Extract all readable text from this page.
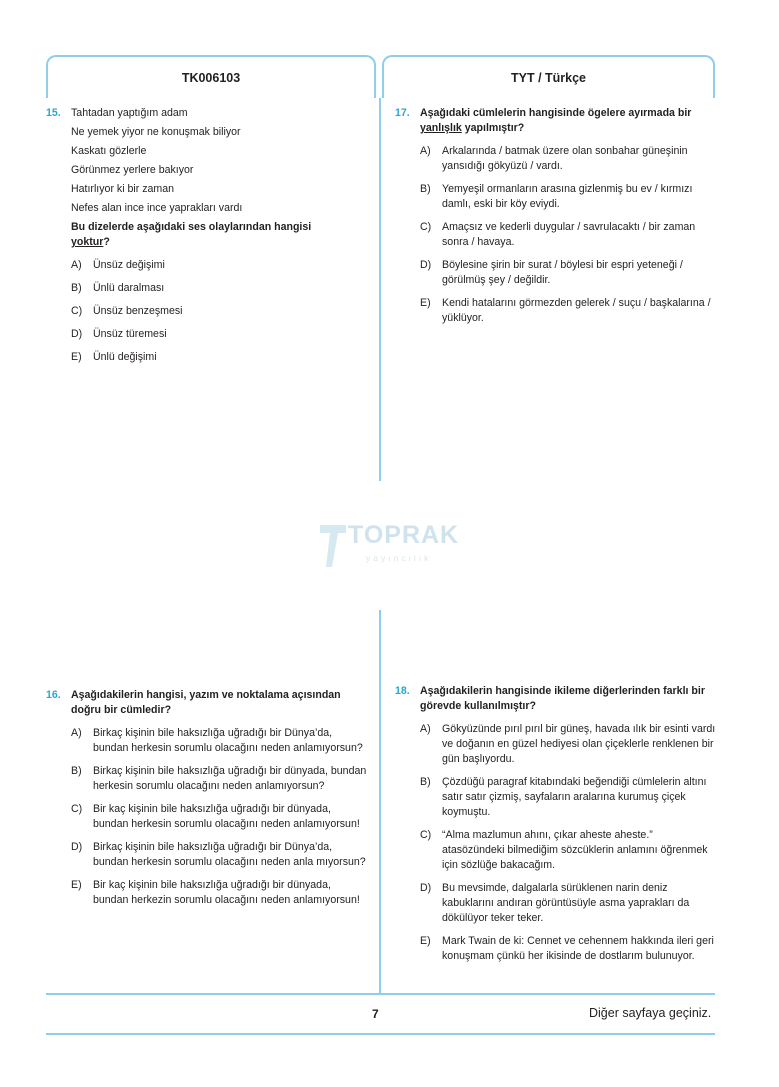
TK006103	TYT / Türkçe
TOPRAK
yayıncılık
15. Tahtadan yaptığım adam
Ne yemek yiyor ne konuşmak biliyor
Kaskatı gözlerle
Görünmez yerlere bakıyor
Hatırlıyor ki bir zaman
Nefes alan ince ince yaprakları vardı
Bu dizelerde aşağıdaki ses olaylarından hangisi
yoktur?
A) Ünsüz değişimi
B) Ünlü daralması
C) Ünsüz benzeşmesi
D) Ünsüz türemesi
E) Ünlü değişimi
17. Aşağıdaki cümlelerin hangisinde ögelere ayırmada bir
yanlışlık yapılmıştır?
A) Arkalarında / batmak üzere olan sonbahar güneşinin yansıdığı gökyüzü / vardı.
B) Yemyeşil ormanların arasına gizlenmiş bu ev / kırmızı damlı, eski bir köy eviydi.
C) Amaçsız ve kederli duygular / savrulacaktı / bir zaman sonra / havaya.
D) Böylesine şirin bir surat / böylesi bir espri yeteneği / görülmüş şey / değildir.
E) Kendi hatalarını görmezden gelerek / suçu / başkalarına / yüklüyor.
16. Aşağıdakilerin hangisi, yazım ve noktalama açısından doğru bir cümledir?
A) Birkaç kişinin bile haksızlığa uğradığı bir Dünya’da, bundan herkesin sorumlu olacağını neden anlamıyorsun?
B) Birkaç kişinin bile haksızlığa uğradığı bir dünyada, bundan herkesin sorumlu olacağını neden anlamıyorsun?
C) Bir kaç kişinin bile haksızlığa uğradığı bir dünyada, bundan herkesin sorumlu olacağını neden anlamıyorsun!
D) Birkaç kişinin bile haksızlığa uğradığı bir Dünya’da, bundan herkesin sorumlu olacağını neden anla mıyorsun?
E) Bir kaç kişinin bile haksızlığa uğradığı bir dünyada, bundan herkezin sorumlu olacağını neden anlamıyorsun!
18. Aşağıdakilerin hangisinde ikileme diğerlerinden farklı bir görevde kullanılmıştır?
A) Gökyüzünde pırıl pırıl bir güneş, havada ılık bir esinti vardı ve doğanın en güzel hediyesi olan çiçeklerle renklenen bir gün başlıyordu.
B) Çözdüğü paragraf kitabındaki beğendiği cümlelerin altını satır satır çizmiş, sayfaların aralarına kurumuş çiçek koymuştu.
C) “Alma mazlumun ahını, çıkar aheste aheste.” atasözündeki bilmediğim sözcüklerin anlamını öğrenmek için sözlüğe bakacağım.
D) Bu mevsimde, dalgalarla sürüklenen narin deniz kabuklarını andıran görüntüsüyle asma yaprakları da dökülüyor teker teker.
E) Mark Twain de ki: Cennet ve cehennem hakkında ileri geri konuşmam çünkü her ikisinde de dostlarım bulunuyor.
7	Diğer sayfaya geçiniz.
